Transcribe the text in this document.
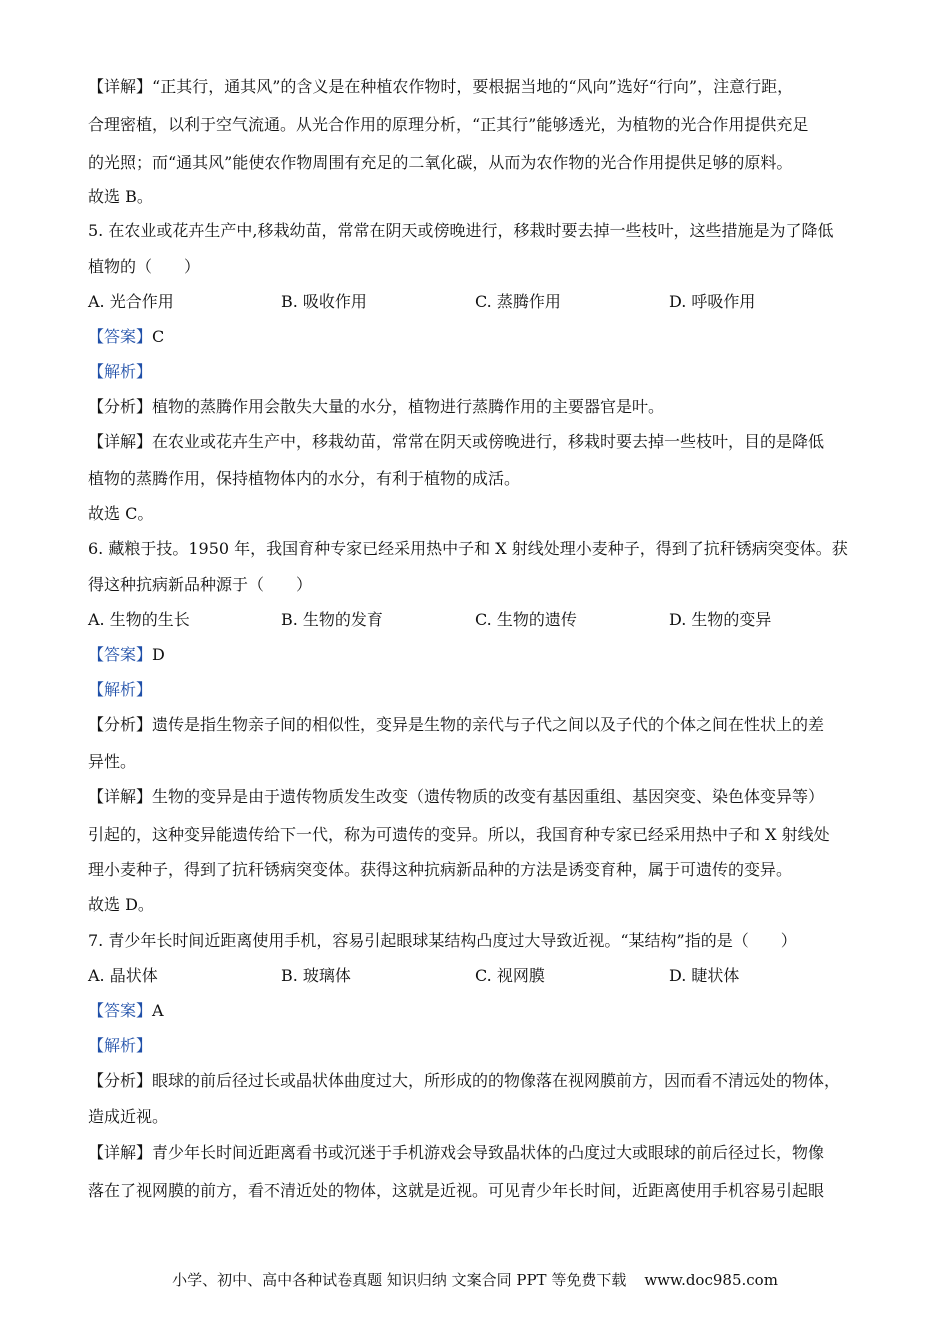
【详解】“正其行，通其风”的含义是在种植农作物时，要根据当地的“风向”选好“行向”，注意行距，
合理密植，以利于空气流通。从光合作用的原理分析，“正其行”能够透光，为植物的光合作用提供充足
的光照；而“通其风”能使农作物周围有充足的二氧化碳，从而为农作物的光合作用提供足够的原料。
故选 B。
5. 在农业或花卉生产中,移栽幼苗，常常在阴天或傍晚进行，移栽时要去掉一些枝叶，这些措施是为了降低
植物的（　　）
A. 光合作用	B. 吸收作用	C. 蒸腾作用	D. 呼吸作用
【答案】C
【解析】
【分析】植物的蒸腾作用会散失大量的水分，植物进行蒸腾作用的主要器官是叶。
【详解】在农业或花卉生产中，移栽幼苗，常常在阴天或傍晚进行，移栽时要去掉一些枝叶，目的是降低
植物的蒸腾作用，保持植物体内的水分，有利于植物的成活。
故选 C。
6. 藏粮于技。1950 年，我国育种专家已经采用热中子和 X 射线处理小麦种子，得到了抗秆锈病突变体。获
得这种抗病新品种源于（　　）
A. 生物的生长	B. 生物的发育	C. 生物的遗传	D. 生物的变异
【答案】D
【解析】
【分析】遗传是指生物亲子间的相似性，变异是生物的亲代与子代之间以及子代的个体之间在性状上的差
异性。
【详解】生物的变异是由于遗传物质发生改变（遗传物质的改变有基因重组、基因突变、染色体变异等）
引起的，这种变异能遗传给下一代，称为可遗传的变异。所以，我国育种专家已经采用热中子和 X 射线处
理小麦种子，得到了抗秆锈病突变体。获得这种抗病新品种的方法是诱变育种，属于可遗传的变异。
故选 D。
7. 青少年长时间近距离使用手机，容易引起眼球某结构凸度过大导致近视。“某结构”指的是（　　）
A. 晶状体	B. 玻璃体	C. 视网膜	D. 睫状体
【答案】A
【解析】
【分析】眼球的前后径过长或晶状体曲度过大，所形成的的物像落在视网膜前方，因而看不清远处的物体，
造成近视。
【详解】青少年长时间近距离看书或沉迷于手机游戏会导致晶状体的凸度过大或眼球的前后径过长，物像
落在了视网膜的前方，看不清近处的物体，这就是近视。可见青少年长时间，近距离使用手机容易引起眼
小学、初中、高中各种试卷真题 知识归纳 文案合同 PPT 等免费下载 www.doc985.com
